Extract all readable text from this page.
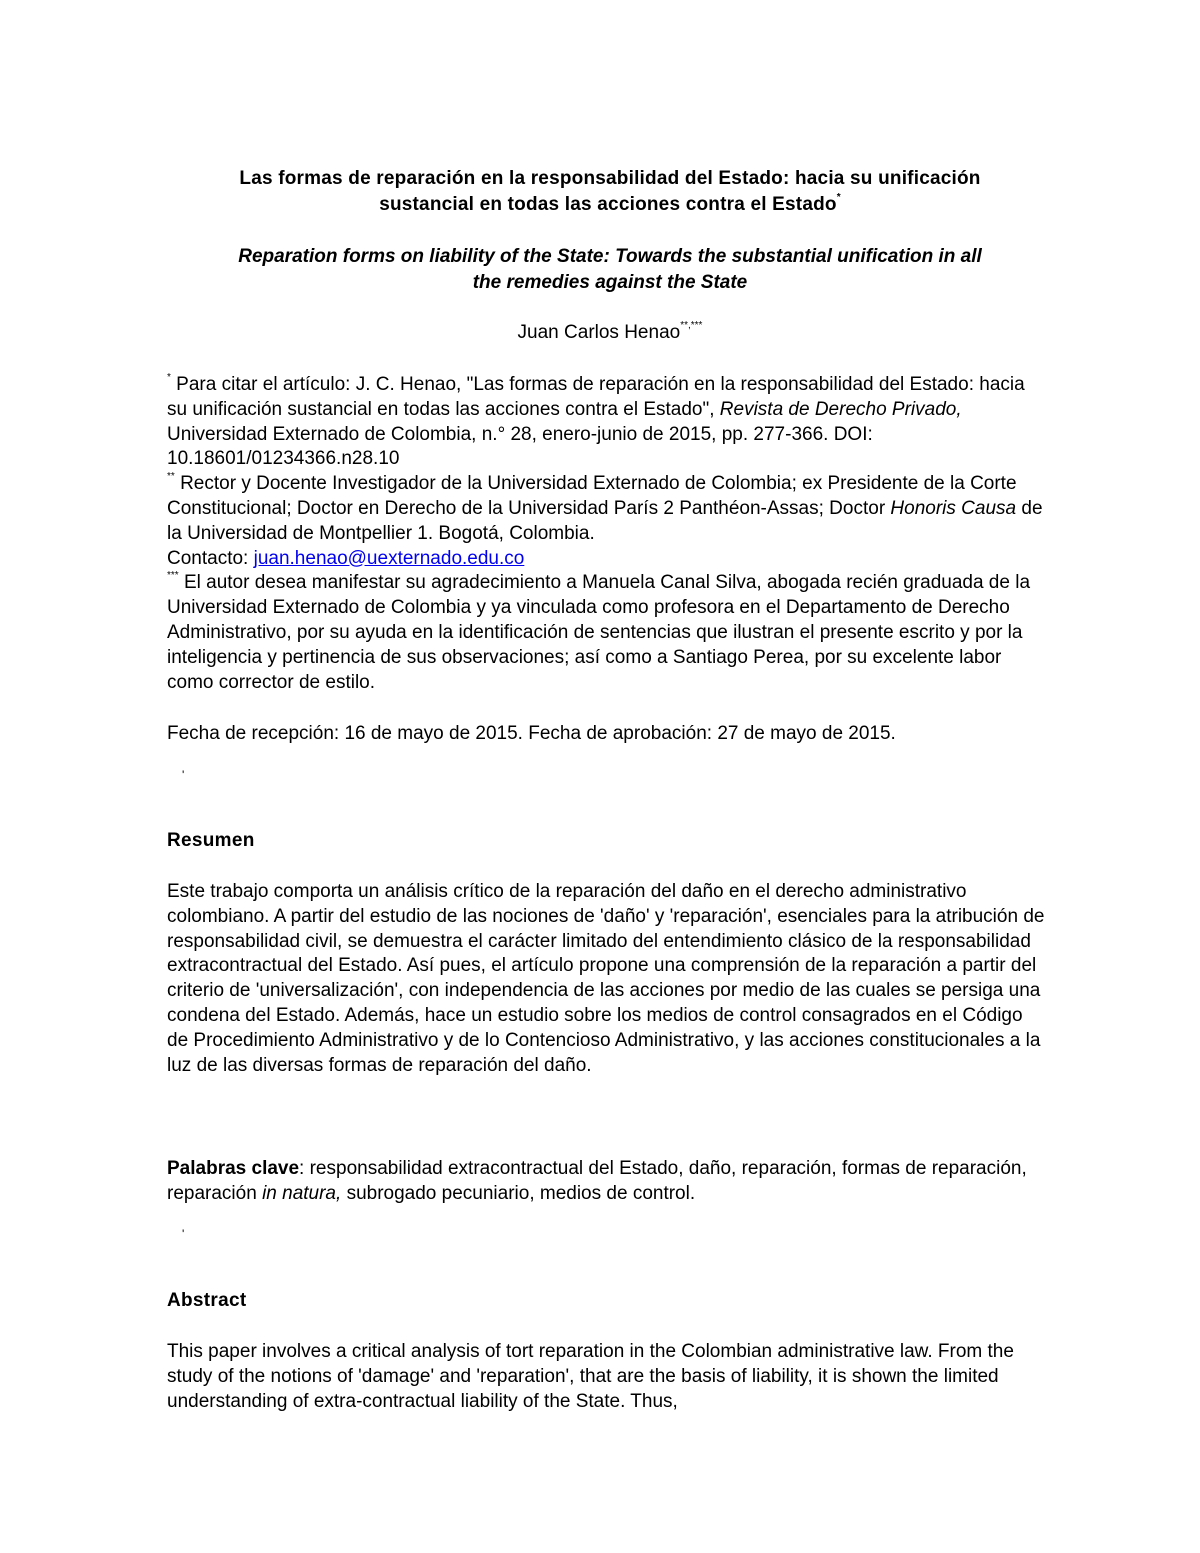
Las formas de reparación en la responsabilidad del Estado: hacia su unificación
sustancial en todas las acciones contra el Estado*
Reparation forms on liability of the State: Towards the substantial unification in all
the remedies against the State
Juan Carlos Henao**,***

* Para citar el artículo: J. C. Henao, "Las formas de reparación en la responsabilidad del Estado: hacia su unificación sustancial en todas las acciones contra el Estado", Revista de Derecho Privado, Universidad Externado de Colombia, n.° 28, enero-junio de 2015, pp. 277-366. DOI: 10.18601/01234366.n28.10

** Rector y Docente Investigador de la Universidad Externado de Colombia; ex Presidente de la Corte Constitucional; Doctor en Derecho de la Universidad París 2 Panthéon-Assas; Doctor Honoris Causa de la Universidad de Montpellier 1. Bogotá, Colombia.

Contacto: juan.henao@uexternado.edu.co

*** El autor desea manifestar su agradecimiento a Manuela Canal Silva, abogada recién graduada de la Universidad Externado de Colombia y ya vinculada como profesora en el Departamento de Derecho Administrativo, por su ayuda en la identificación de sentencias que ilustran el presente escrito y por la inteligencia y pertinencia de sus observaciones; así como a Santiago Perea, por su excelente labor como corrector de estilo.

Fecha de recepción: 16 de mayo de 2015. Fecha de aprobación: 27 de mayo de 2015.
'
Resumen
Este trabajo comporta un análisis crítico de la reparación del daño en el derecho administrativo colombiano. A partir del estudio de las nociones de 'daño' y 'reparación', esenciales para la atribución de responsabilidad civil, se demuestra el carácter limitado del entendimiento clásico de la responsabilidad extracontractual del Estado. Así pues, el artículo propone una comprensión de la reparación a partir del criterio de 'universalización', con independencia de las acciones por medio de las cuales se persiga una condena del Estado. Además, hace un estudio sobre los medios de control consagrados en el Código de Procedimiento Administrativo y de lo Contencioso Administrativo, y las acciones constitucionales a la luz de las diversas formas de reparación del daño.
Palabras clave: responsabilidad extracontractual del Estado, daño, reparación, formas de reparación, reparación in natura, subrogado pecuniario, medios de control.
'
Abstract
This paper involves a critical analysis of tort reparation in the Colombian administrative law. From the study of the notions of 'damage' and 'reparation', that are the basis of liability, it is shown the limited understanding of extra-contractual liability of the State. Thus,
